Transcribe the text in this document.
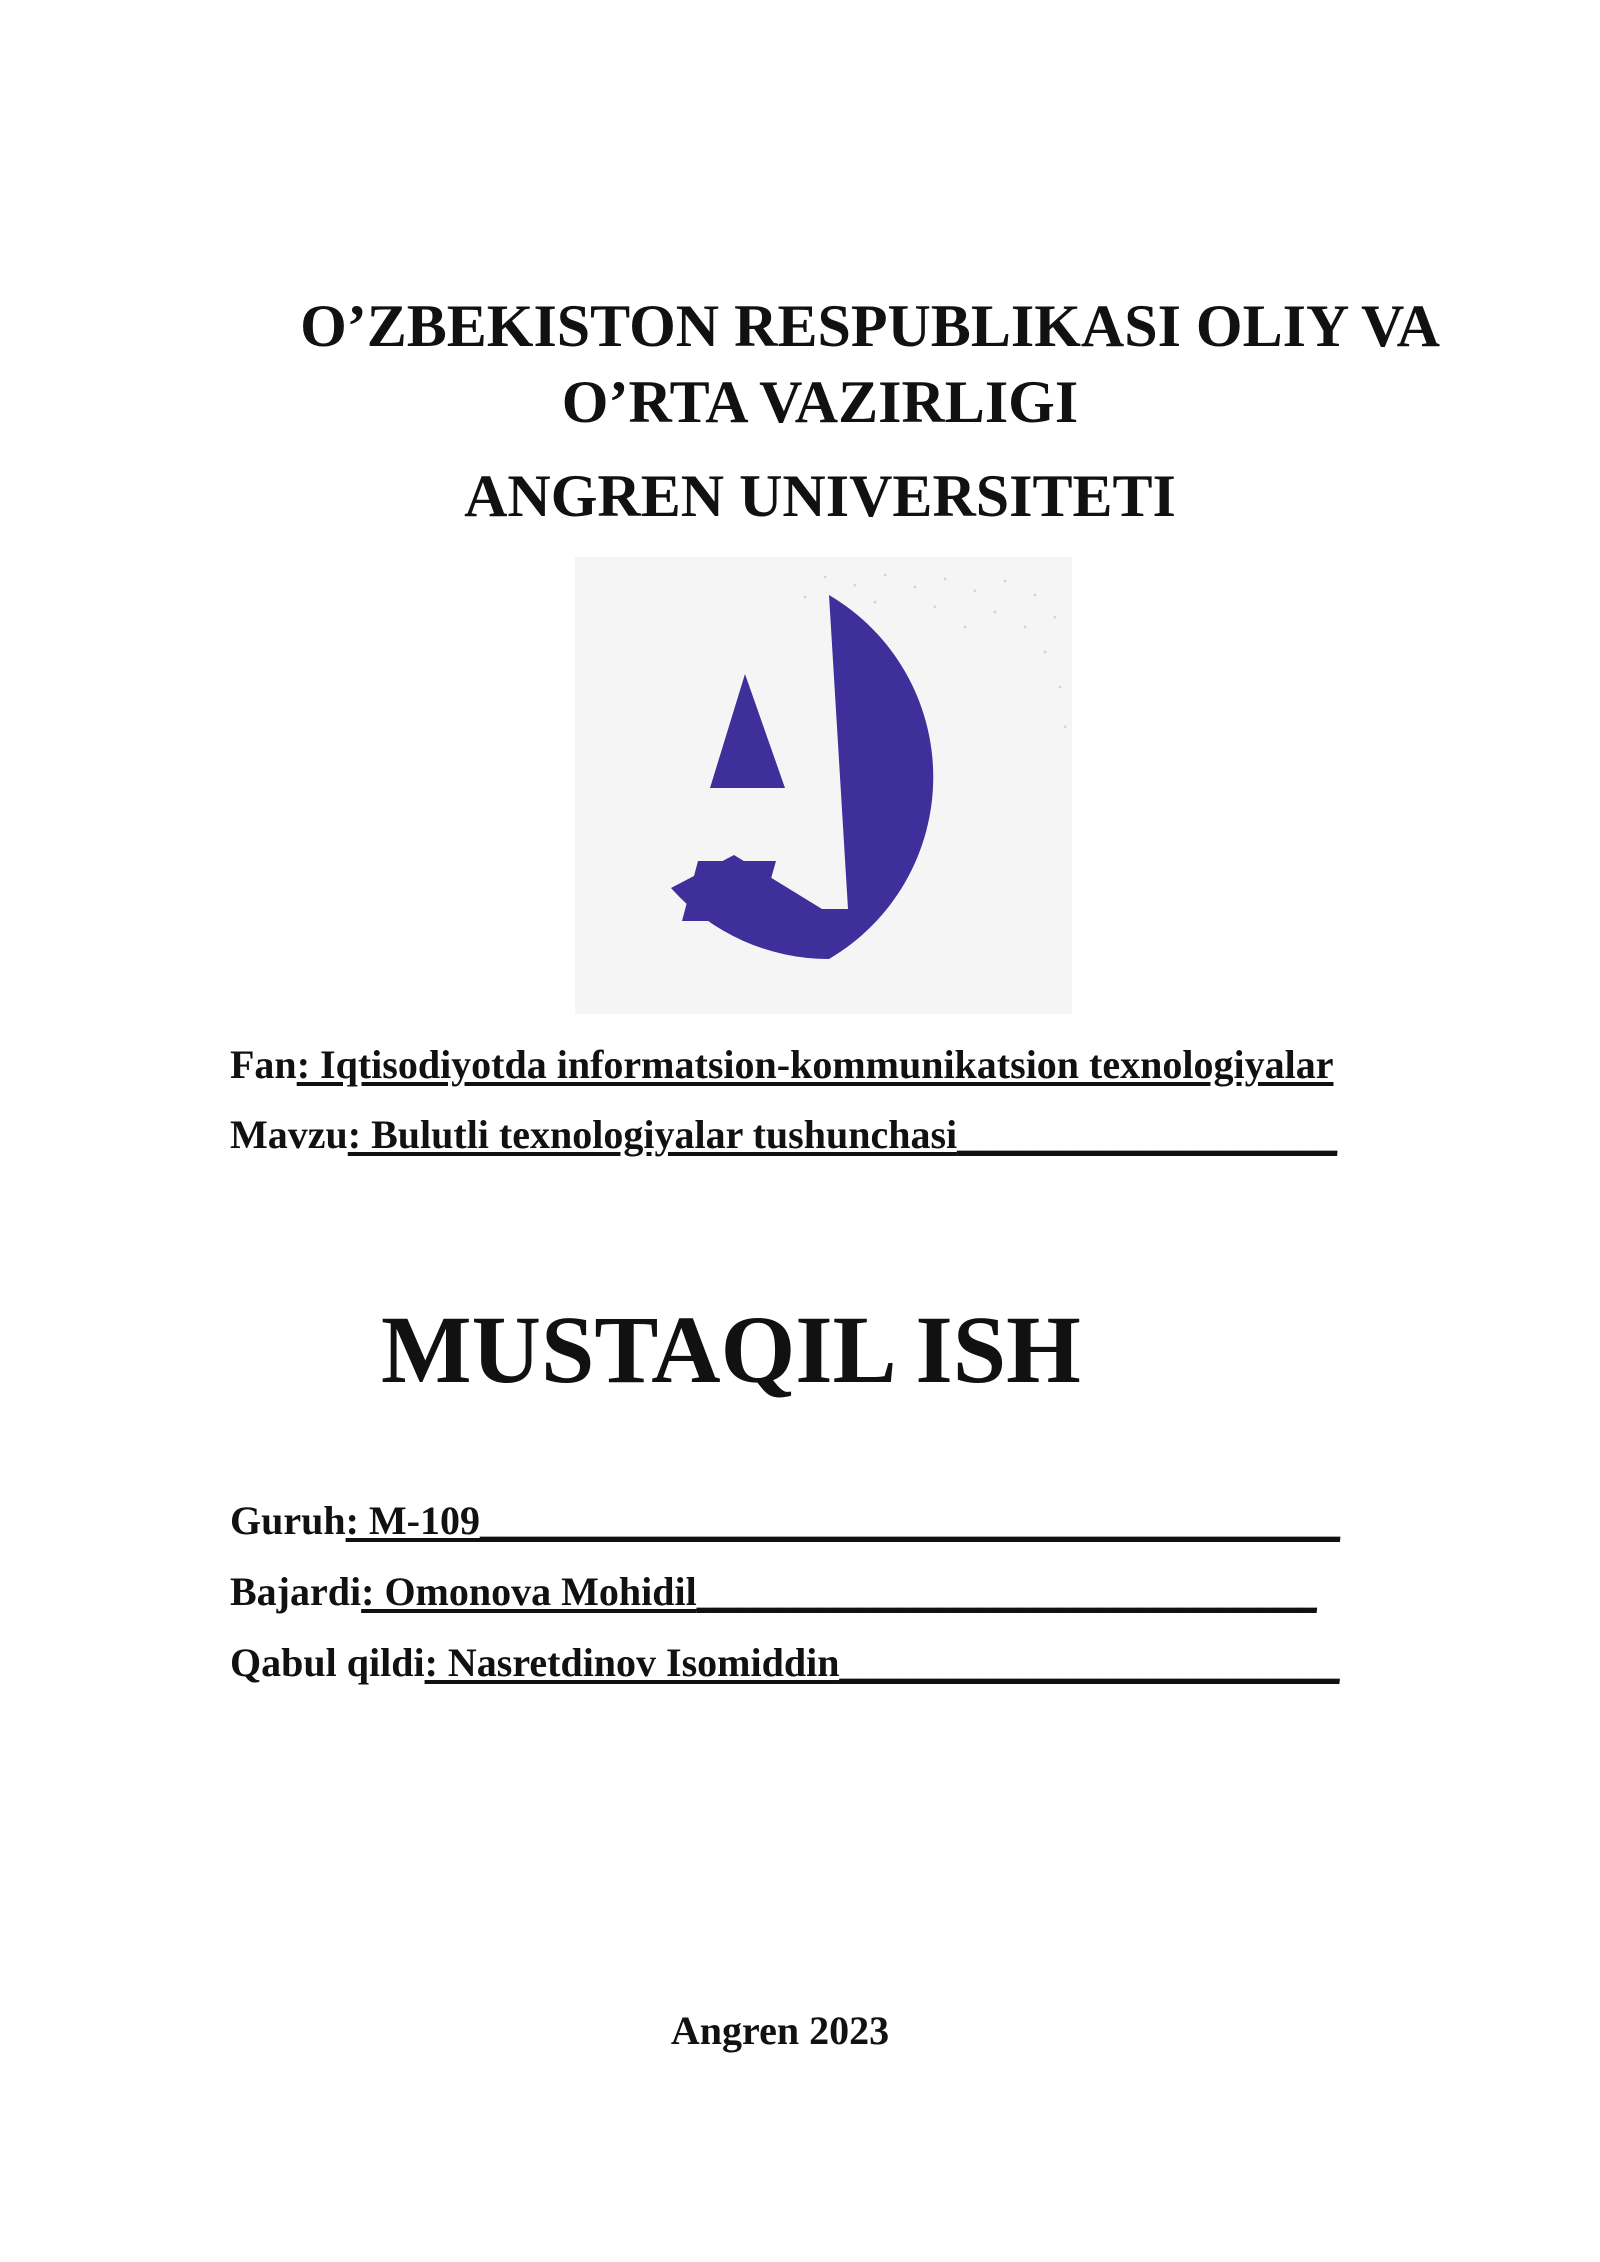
O’ZBEKISTON RESPUBLIKASI OLIY VA
O’RTA VAZIRLIGI
ANGREN UNIVERSITETI
Fan: Iqtisodiyotda informatsion-kommunikatsion texnologiyalar
Mavzu: Bulutli texnologiyalar tushunchasi___________________
MUSTAQIL ISH
Guruh: M-109___________________________________________
Bajardi: Omonova Mohidil_______________________________
Qabul qildi: Nasretdinov Isomiddin_________________________
Angren 2023
